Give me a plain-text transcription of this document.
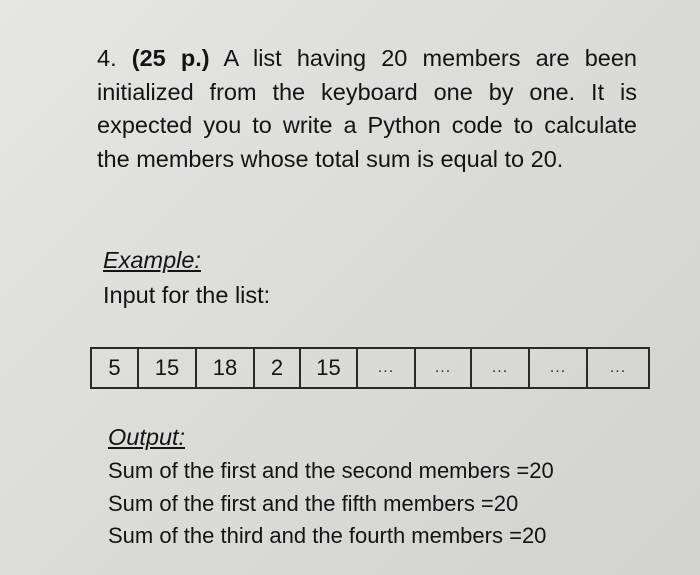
4. (25 p.) A list having 20 members are been initialized from the keyboard one by one. It is expected you to write a Python code to calculate the members whose total sum is equal to 20.

Example:

Input for the list:

5	15	18	2	15	...	...	...	...	...

Output:

Sum of the first and the second members =20
Sum of the first and the fifth members =20
Sum of the third and the fourth members =20
